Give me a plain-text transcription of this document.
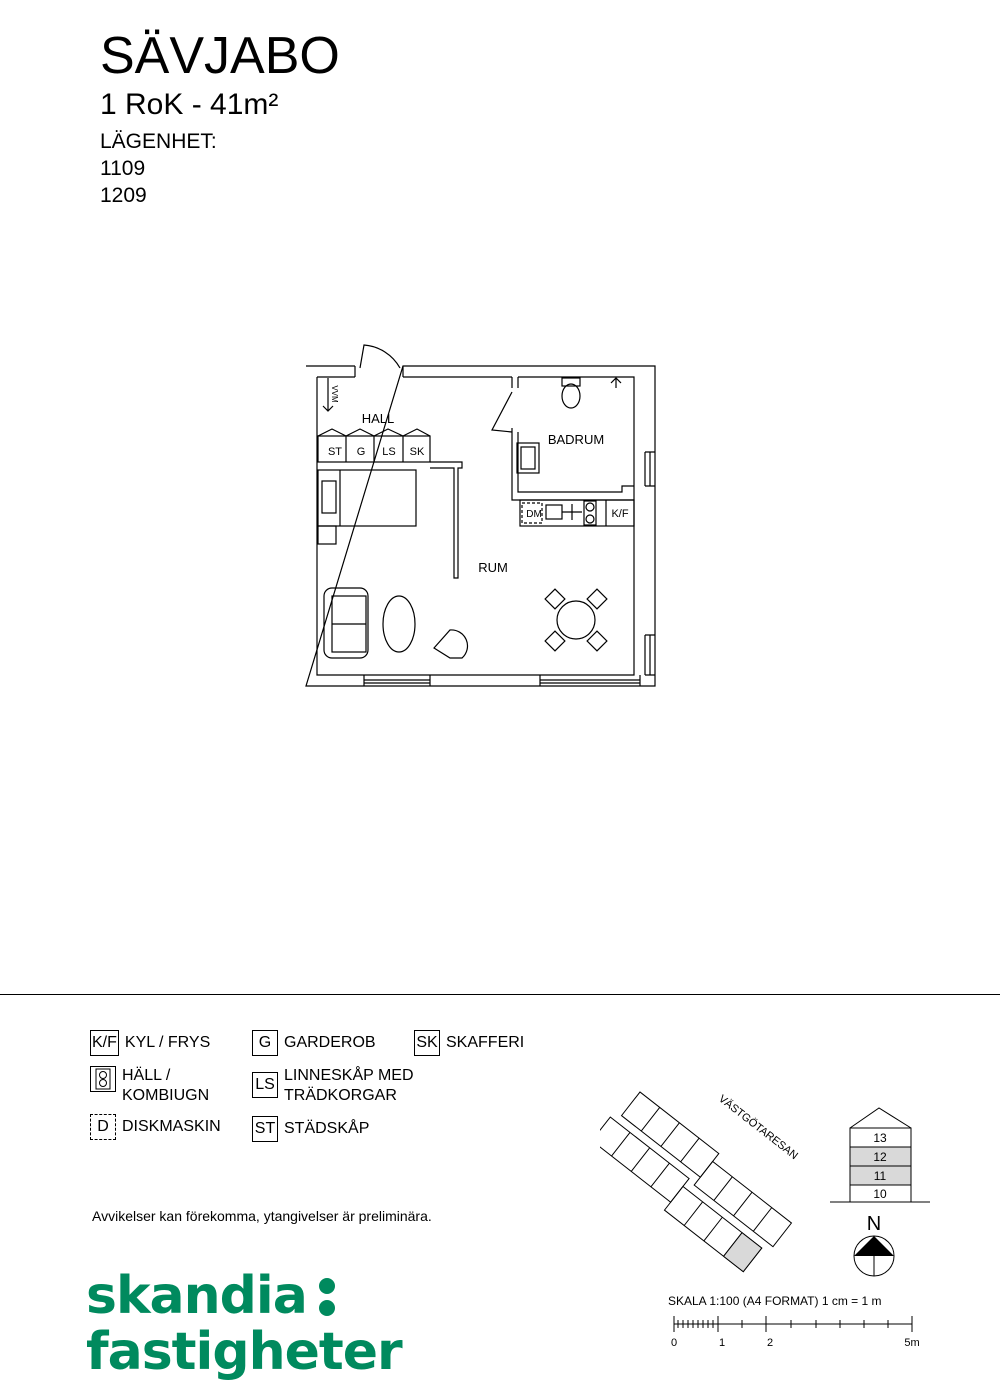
SÄVJABO
1 RoK - 41m²
LÄGENHET:
1109
1209
HALL
BADRUM
RUM
ST G LS SK
DM	K/F
VVM
K/F KYL / FRYS
HÄLL /
KOMBIUGN
D DISKMASKIN
G GARDEROB
LS
LINNESKÅP MED
TRÄDKORGAR
ST STÄDSKÅP
SK SKAFFERI
Avvikelser kan förekomma, ytangivelser är preliminära.
VÄSTGÖTARESAN	13
12
11
10
N
SKALA 1:100 (A4 FORMAT) 1 cm = 1 m
0	1	2	5m
skandia
fastigheter
